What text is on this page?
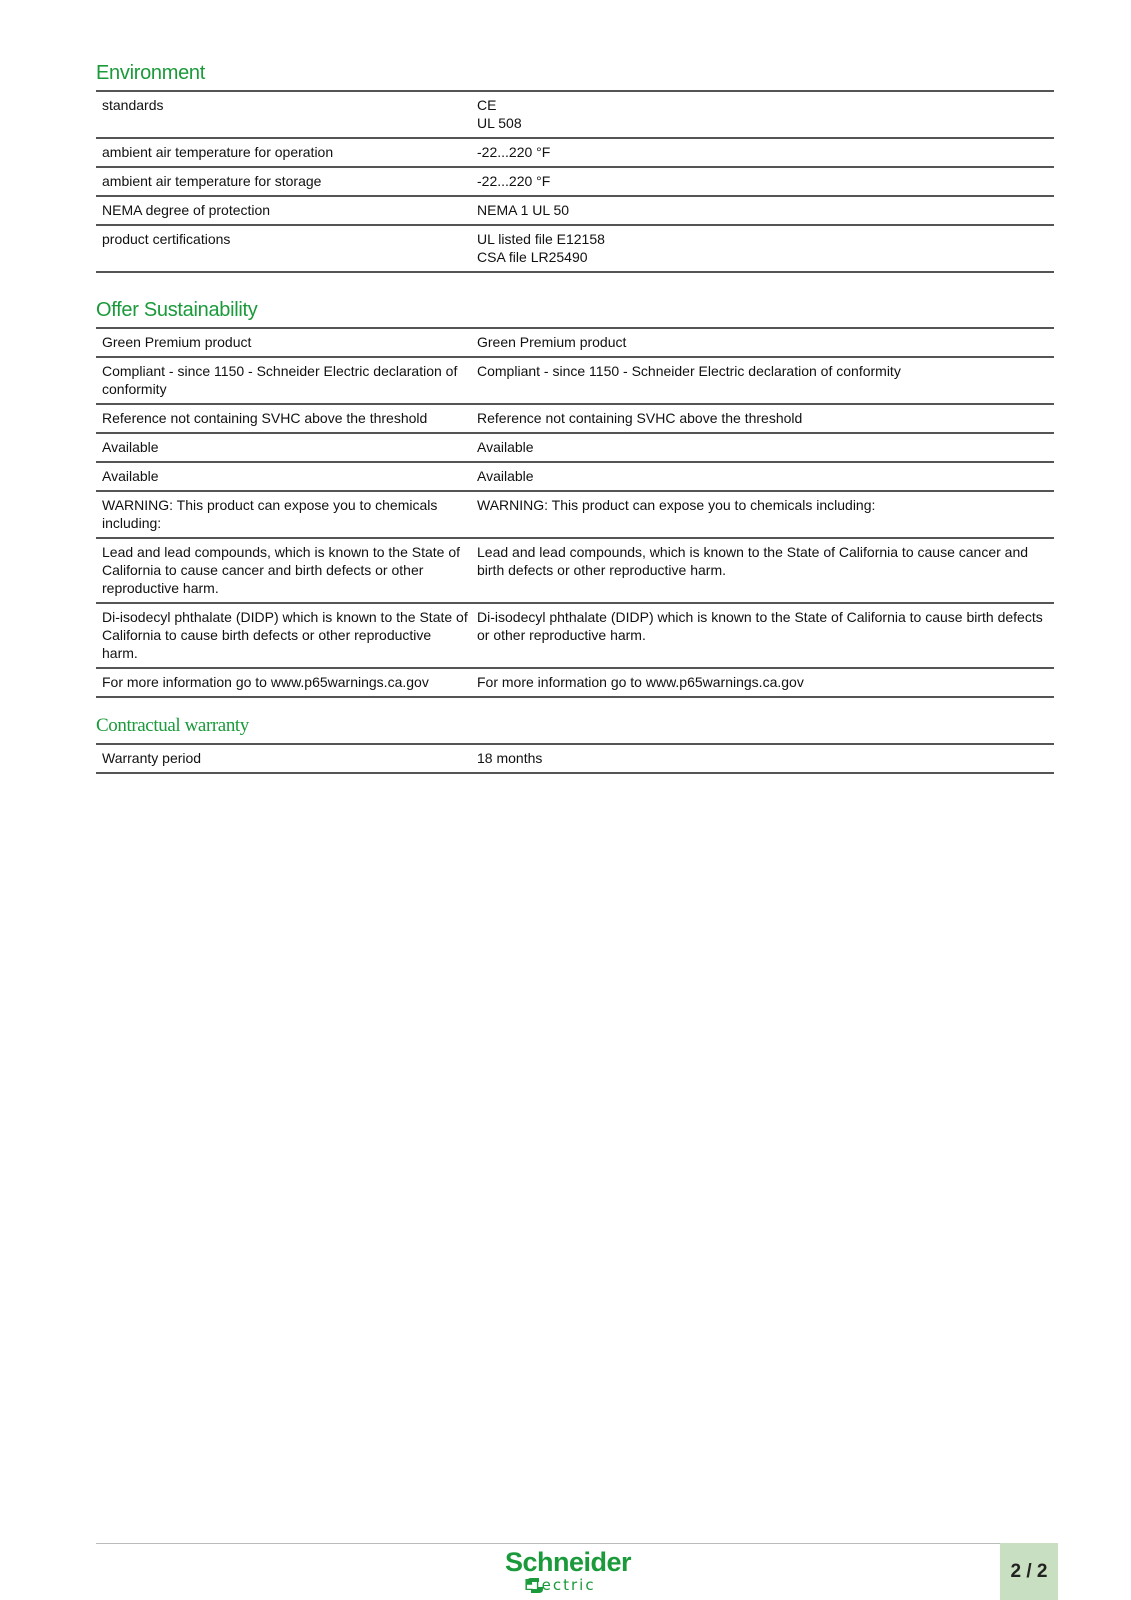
Environment
standards	CE
UL 508

ambient air temperature for operation	-22...220 °F

ambient air temperature for storage	-22...220 °F

NEMA degree of protection	NEMA 1 UL 50

product certifications	UL listed file E12158
CSA file LR25490
Offer Sustainability
Green Premium product	Green Premium product

Compliant - since 1150 - Schneider Electric declaration of conformity	Compliant - since 1150 - Schneider Electric declaration of conformity

Reference not containing SVHC above the threshold	Reference not containing SVHC above the threshold

Available	Available

Available	Available

WARNING: This product can expose you to chemicals including:	WARNING: This product can expose you to chemicals including:

Lead and lead compounds, which is known to the State of California to cause cancer and birth defects or other reproductive harm.	Lead and lead compounds, which is known to the State of California to cause cancer and birth defects or other reproductive harm.

Di-isodecyl phthalate (DIDP) which is known to the State of California to cause birth defects or other reproductive harm.	Di-isodecyl phthalate (DIDP) which is known to the State of California to cause birth defects or other reproductive harm.

For more information go to www.p65warnings.ca.gov	For more information go to www.p65warnings.ca.gov
Contractual warranty
Warranty period	18 months
Schneider
Electric
2 / 2
